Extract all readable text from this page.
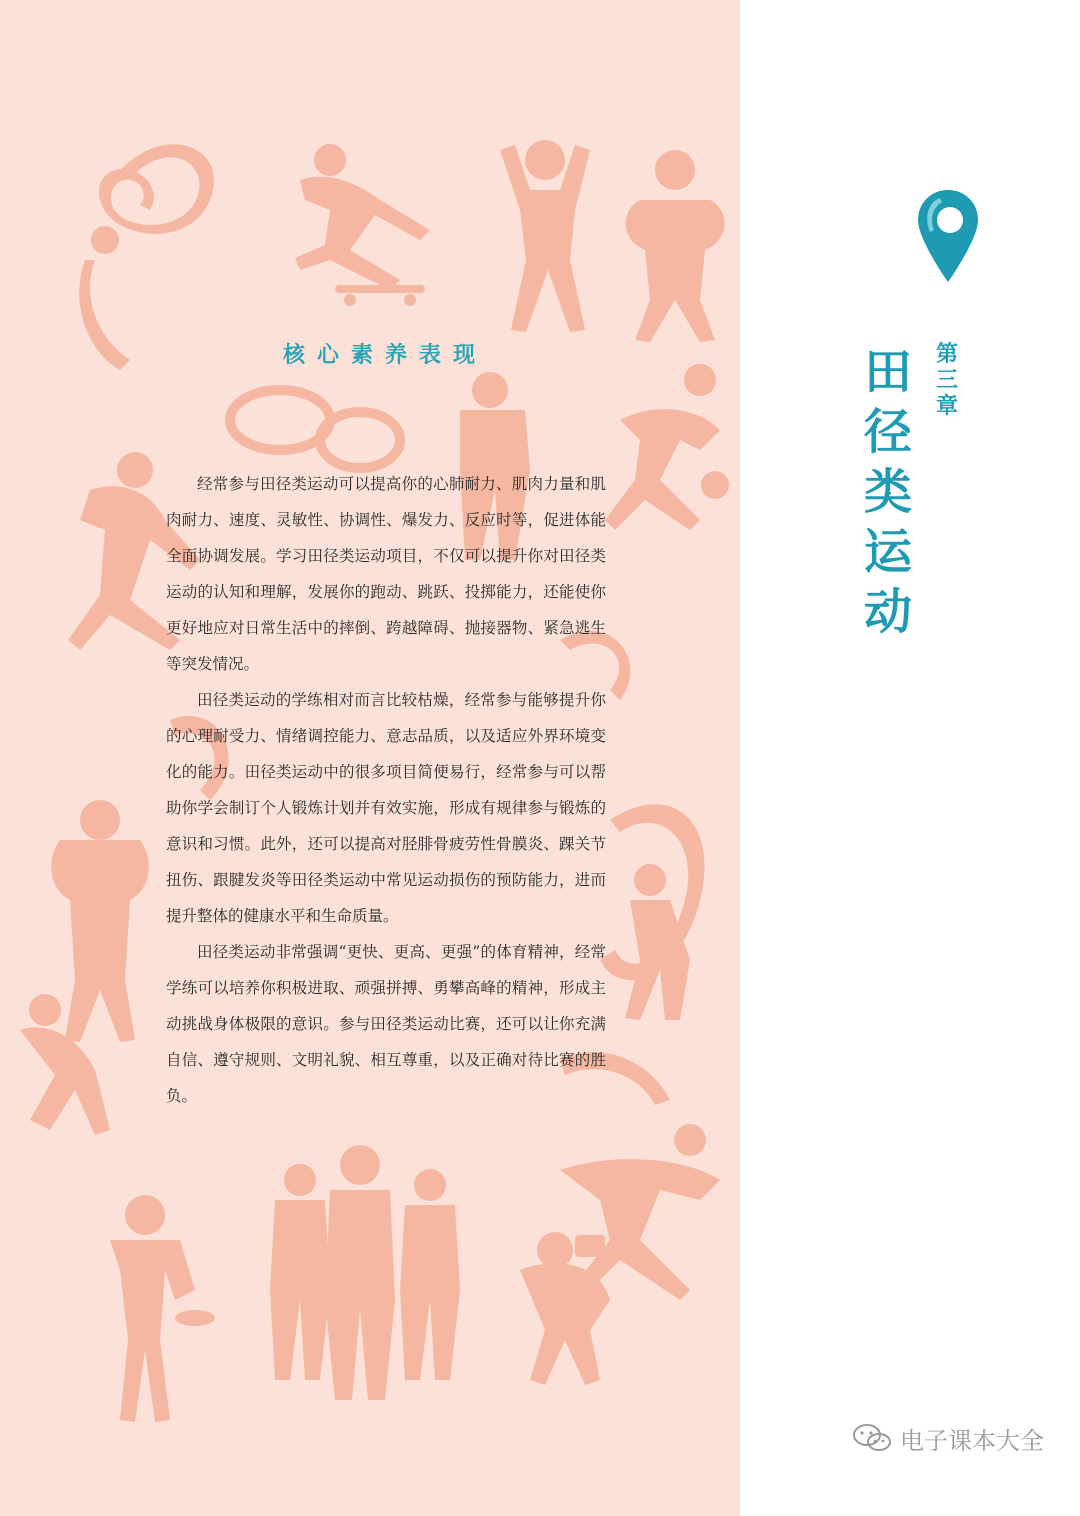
核心素养表现

经常参与田径类运动可以提高你的心肺耐力、肌肉力量和肌肉耐力、速度、灵敏性、协调性、爆发力、反应时等，促进体能全面协调发展。学习田径类运动项目，不仅可以提升你对田径类运动的认知和理解，发展你的跑动、跳跃、投掷能力，还能使你更好地应对日常生活中的摔倒、跨越障碍、抛接器物、紧急逃生等突发情况。

田径类运动的学练相对而言比较枯燥，经常参与能够提升你的心理耐受力、情绪调控能力、意志品质，以及适应外界环境变化的能力。田径类运动中的很多项目简便易行，经常参与可以帮助你学会制订个人锻炼计划并有效实施，形成有规律参与锻炼的意识和习惯。此外，还可以提高对胫腓骨疲劳性骨膜炎、踝关节扭伤、跟腱发炎等田径类运动中常见运动损伤的预防能力，进而提升整体的健康水平和生命质量。

田径类运动非常强调“更快、更高、更强”的体育精神，经常学练可以培养你积极进取、顽强拼搏、勇攀高峰的精神，形成主动挑战身体极限的意识。参与田径类运动比赛，还可以让你充满自信、遵守规则、文明礼貌、相互尊重，以及正确对待比赛的胜负。

田径类运动
第三章
电子课本大全
